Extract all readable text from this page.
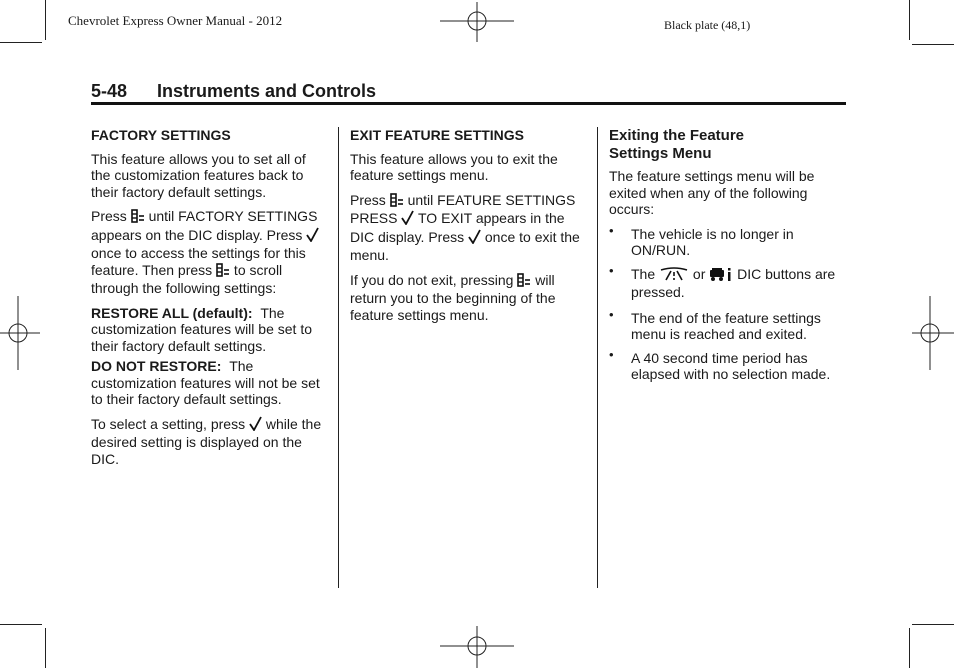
Chevrolet Express Owner Manual - 2012	Black plate (48,1)
5-48 Instruments and Controls

FACTORY SETTINGS

This feature allows you to set all of the customization features back to their factory default settings.

Press  until FACTORY SETTINGS appears on the DIC display. Press  once to access the settings for this feature. Then press  to scroll through the following settings:

RESTORE ALL (default): The customization features will be set to their factory default settings.

DO NOT RESTORE: The customization features will not be set to their factory default settings.

To select a setting, press  while the desired setting is displayed on the DIC.

EXIT FEATURE SETTINGS

This feature allows you to exit the feature settings menu.

Press  until FEATURE SETTINGS PRESS  TO EXIT appears in the DIC display. Press  once to exit the menu.

If you do not exit, pressing  will return you to the beginning of the feature settings menu.

Exiting the Feature
Settings Menu

The feature settings menu will be exited when any of the following occurs:

• The vehicle is no longer in ON/RUN.
• The  or  DIC buttons are pressed.
• The end of the feature settings menu is reached and exited.
• A 40 second time period has elapsed with no selection made.
